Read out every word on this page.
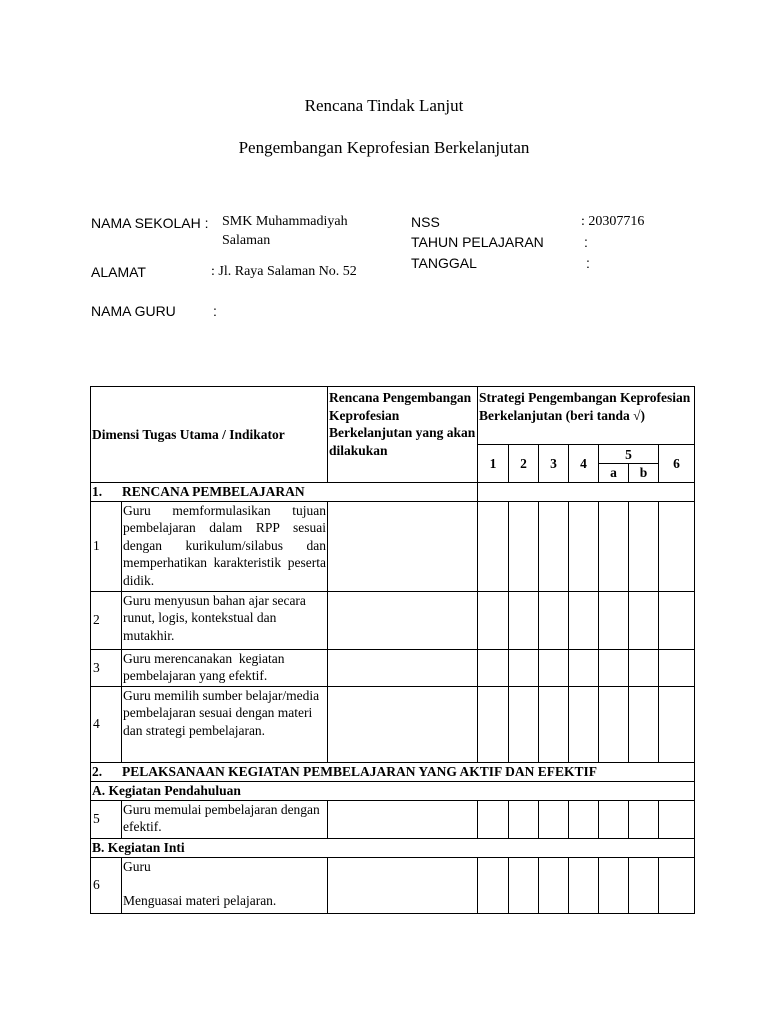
Rencana Tindak Lanjut
Pengembangan Keprofesian Berkelanjutan
NAMA SEKOLAH : SMK Muhammadiyah
Salaman
ALAMAT	: Jl. Raya Salaman No. 52
NAMA GURU	:
NSS	: 20307716
TAHUN PELAJARAN	:
TANGGAL	:
Dimensi Tugas Utama / Indikator		Rencana Pengembangan Keprofesian Berkelanjutan yang akan dilakukan	Strategi Pengembangan Keprofesian Berkelanjutan (beri tanda √)						
			1	2	3	4	5		6
							a	b	
1. RENCANA PEMBELAJARAN									
1	Guru memformulasikan tujuan pembelajaran dalam RPP sesuai dengan kurikulum/silabus dan memperhatikan karakteristik peserta didik.								
2	Guru menyusun bahan ajar secara runut, logis, kontekstual dan mutakhir.								
3	Guru merencanakan  kegiatan pembelajaran yang efektif.								
4	Guru memilih sumber belajar/media pembelajaran sesuai dengan materi dan strategi pembelajaran.								
2. PELAKSANAAN KEGIATAN PEMBELAJARAN YANG AKTIF DAN EFEKTIF									
A. Kegiatan Pendahuluan									
5	Guru memulai pembelajaran dengan efektif.								
B. Kegiatan Inti									
6	Guru
Menguasai materi pelajaran.								
